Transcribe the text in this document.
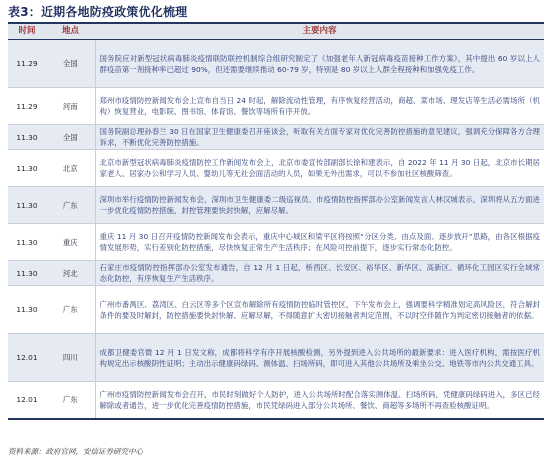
表3：近期各地防疫政策优化梳理
时间	地点	主要内容
11.29	全国	国务院应对新型冠状病毒肺炎疫情联防联控机制综合组研究制定了《加强老年人新冠病毒疫苗接种工作方案》，其中提出 60 岁以上人群疫苗第一剂接种率已超过 90%，但还需要继续推动 60-79 岁，特别是 80 岁以上人群全程接种和加强免疫工作。
11.29	河南	郑州市疫情防控新闻发布会上宣布自当日 24 时起，解除流动性管理，有序恢复经营活动，商超、菜市场、理发店等生活必需场所（机构）恢复营业，电影院、图书馆、体育馆、餐饮等场所有序开放。
11.30	全国	国务院副总理孙春兰 30 日在国家卫生健康委召开座谈会，听取有关方面专家对优化完善防控措施的意见建议，强调充分保障各方合理诉求，不断优化完善防控措施。
11.30	北京	北京市新型冠状病毒肺炎疫情防控工作新闻发布会上，北京市委宣传部副部长徐和建表示，自 2022 年 11 月 30 日起，北京市长期居家老人、居家办公和学习人员、婴幼儿等无社会面活动的人员，如果无外出需求，可以不参加社区核酸筛查。
11.30	广东	深圳市举行疫情防控新闻发布会，深圳市卫生健康委二级巡视员、市疫情防控指挥部办公室新闻发言人林汉城表示，深圳将从五方面进一步优化疫情防控措施，封控管理要快封快解，应解尽解。
11.30	重庆	重庆 11 月 30 日召开疫情防控新闻发布会表示，重庆中心城区和梁平区将按照“分区分类、由点及面、逐步放开”思路，由各区根据疫情发展形势，实行差别化防控措施，尽快恢复正常生产生活秩序；在风险可控前提下，逐步实行常态化防控。
11.30	河北	石家庄市疫情防控指挥部办公室发布通告，自 12 月 1 日起，桥西区、长安区、裕华区、新华区、高新区、循环化工园区实行全域常态化防控，有序恢复生产生活秩序。
11.30	广东	广州市番禺区、荔湾区、白云区等多个区宣布解除所有疫情防控临时管控区，下午发布会上，强调要科学精准划定高风险区，符合解封条件的要及时解封，防控措施要快封快解、应解尽解，不得随意扩大密切接触者判定范围，不以时空伴随作为判定密切接触者的依据。
12.01	四川	成都卫健委官微 12 月 1 日发文称，成都将科学有序开展核酸检测，另外提到进入公共场所的最新要求：进入医疗机构，需按医疗机构规定出示核酸阴性证明；主动出示健康码绿码、测体温、扫场所码，即可进入其他公共场所及乘坐公交、地铁等市内公共交通工具。
12.01	广东	广州市疫情防控新闻发布会召开，市民时刻做好个人防护，进入公共场所时配合落实测体温、扫场所码，凭健康码绿码进入，多区已经解除或者通告，进一步优化完善疫情防控措施，市民凭绿码进入部分公共场所、餐饮、商超等多场所不再查验核酸证明。
资料来源：政府官网，安信证券研究中心
